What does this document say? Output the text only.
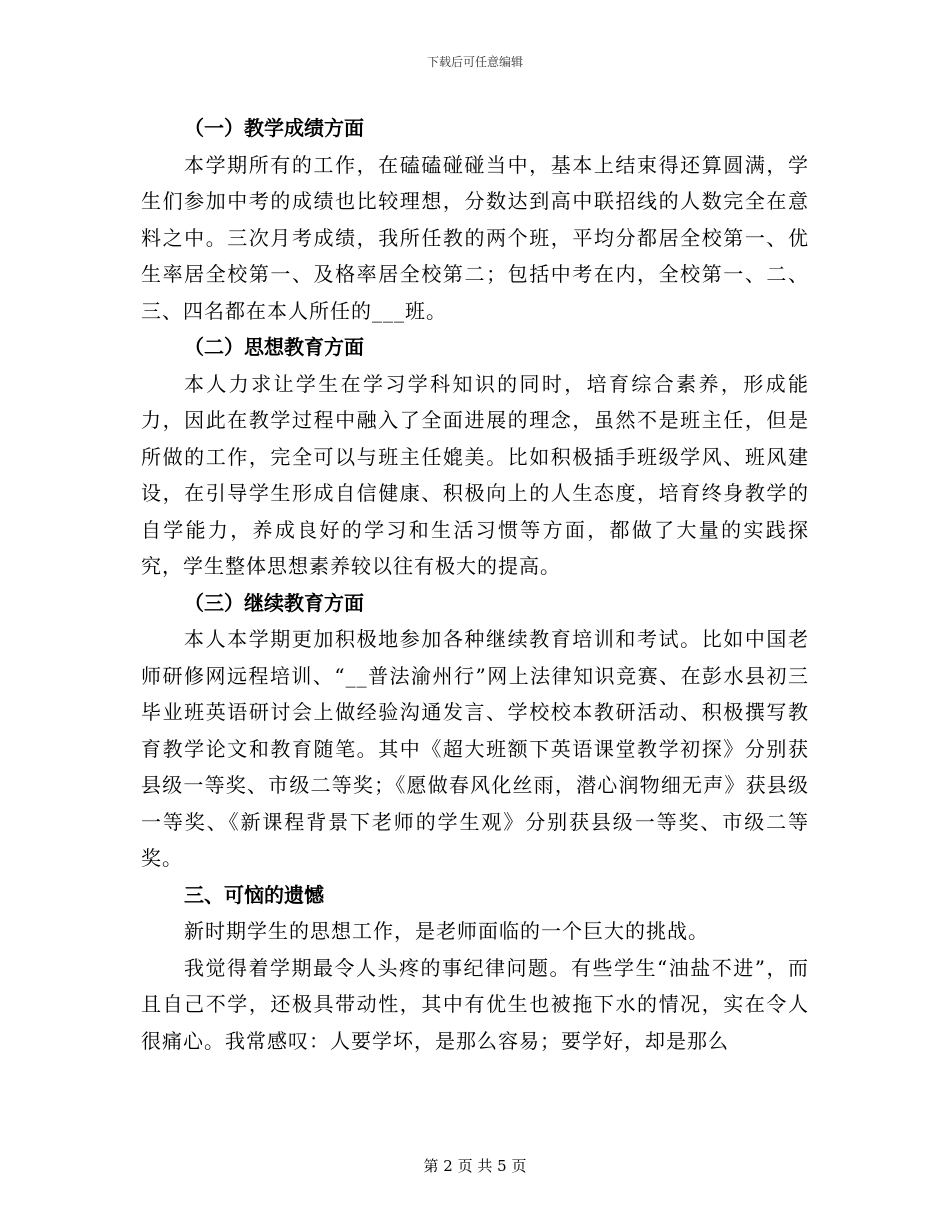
下载后可任意编辑

（一）教学成绩方面

本学期所有的工作，在磕磕碰碰当中，基本上结束得还算圆满，学生们参加中考的成绩也比较理想，分数达到高中联招线的人数完全在意料之中。三次月考成绩，我所任教的两个班，平均分都居全校第一、优生率居全校第一、及格率居全校第二；包括中考在内，全校第一、二、三、四名都在本人所任的___班。

（二）思想教育方面

本人力求让学生在学习学科知识的同时，培育综合素养，形成能力，因此在教学过程中融入了全面进展的理念，虽然不是班主任，但是所做的工作，完全可以与班主任媲美。比如积极插手班级学风、班风建设，在引导学生形成自信健康、积极向上的人生态度，培育终身教学的自学能力，养成良好的学习和生活习惯等方面，都做了大量的实践探究，学生整体思想素养较以往有极大的提高。

（三）继续教育方面

本人本学期更加积极地参加各种继续教育培训和考试。比如中国老师研修网远程培训、“__普法渝州行”网上法律知识竞赛、在彭水县初三毕业班英语研讨会上做经验沟通发言、学校校本教研活动、积极撰写教育教学论文和教育随笔。其中《超大班额下英语课堂教学初探》分别获县级一等奖、市级二等奖；《愿做春风化丝雨，潜心润物细无声》获县级一等奖、《新课程背景下老师的学生观》分别获县级一等奖、市级二等奖。

三、可恼的遗憾

新时期学生的思想工作，是老师面临的一个巨大的挑战。

我觉得着学期最令人头疼的事纪律问题。有些学生“油盐不进”，而且自己不学，还极具带动性，其中有优生也被拖下水的情况，实在令人很痛心。我常感叹：人要学坏，是那么容易；要学好，却是那么

第 2 页 共 5 页
